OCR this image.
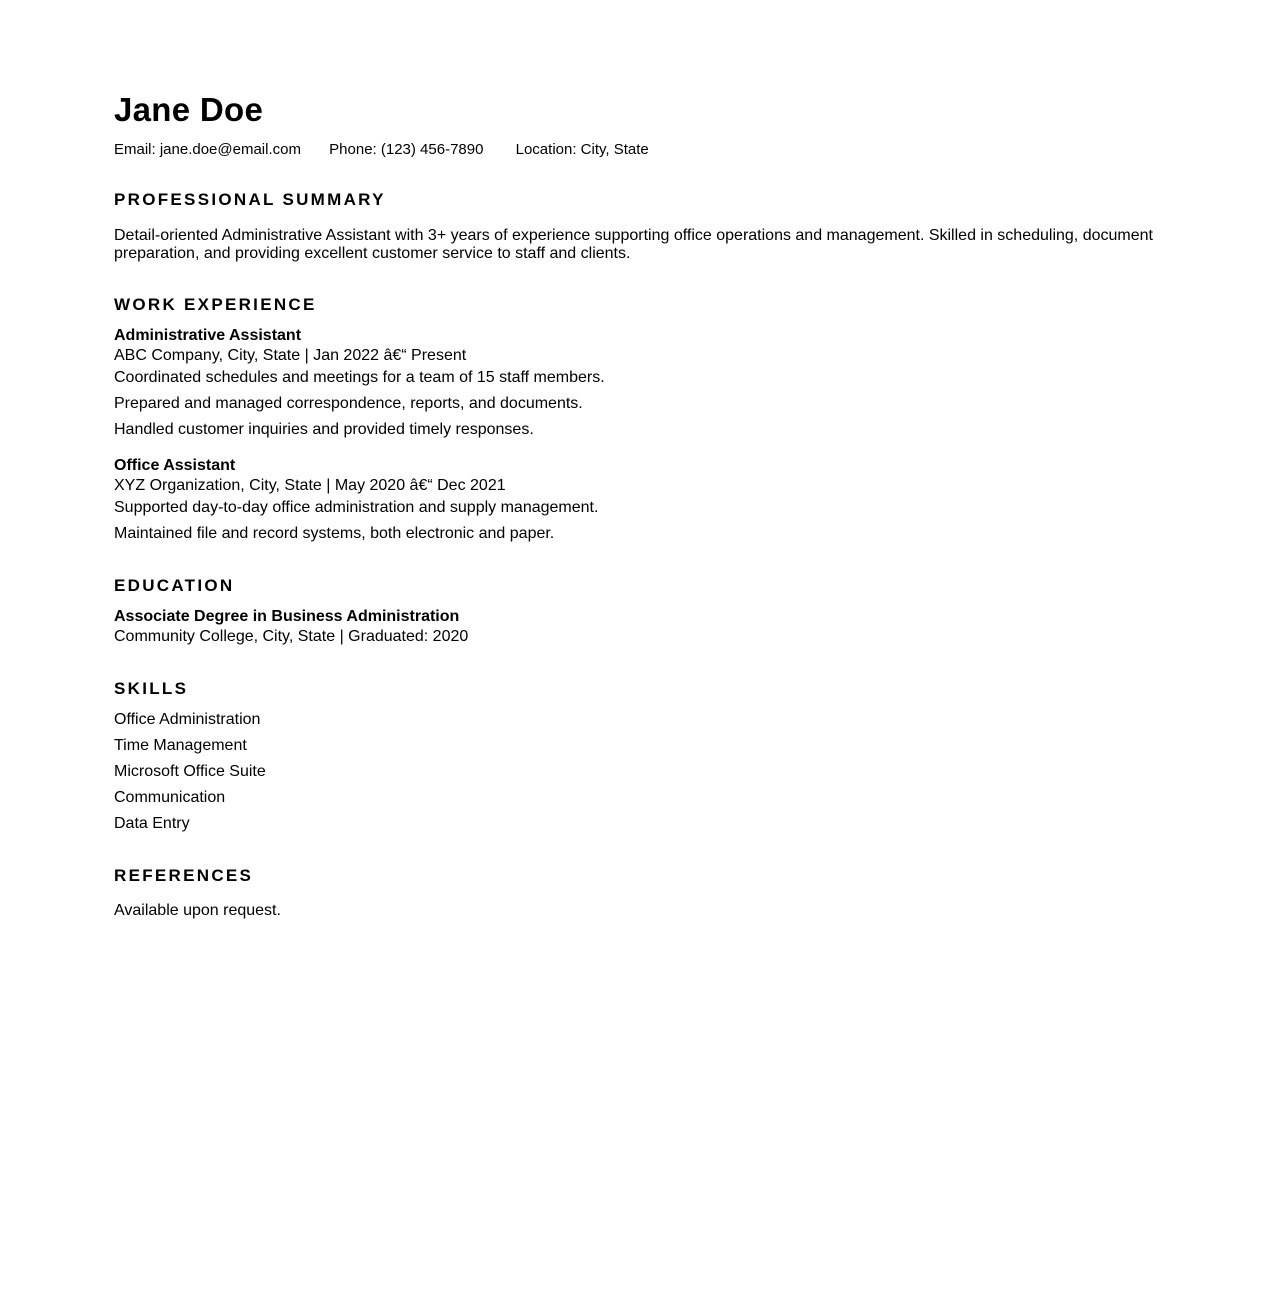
Jane Doe
Email: jane.doe@email.com Phone: (123) 456-7890 Location: City, State
PROFESSIONAL SUMMARY

Detail-oriented Administrative Assistant with 3+ years of experience supporting office operations and management. Skilled in scheduling, document preparation, and providing excellent customer service to staff and clients.

WORK EXPERIENCE
Administrative Assistant
ABC Company, City, State | Jan 2022 â€“ Present
Coordinated schedules and meetings for a team of 15 staff members.
Prepared and managed correspondence, reports, and documents.
Handled customer inquiries and provided timely responses.
Office Assistant
XYZ Organization, City, State | May 2020 â€“ Dec 2021
Supported day-to-day office administration and supply management.
Maintained file and record systems, both electronic and paper.
EDUCATION
Associate Degree in Business Administration
Community College, City, State | Graduated: 2020
SKILLS
Office Administration
Time Management
Microsoft Office Suite
Communication
Data Entry
REFERENCES
Available upon request.
